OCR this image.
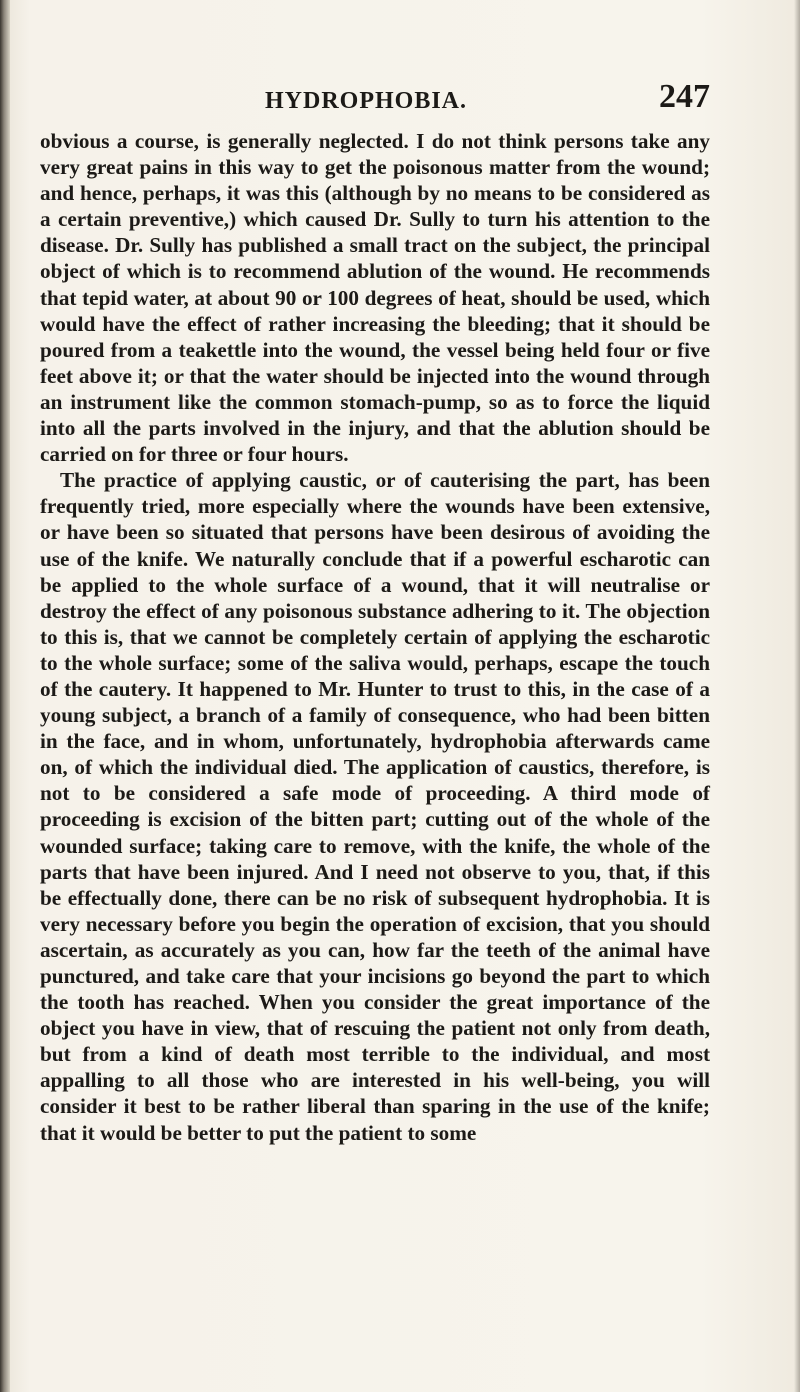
HYDROPHOBIA.	247

obvious a course, is generally neglected. I do not think persons take any very great pains in this way to get the poisonous matter from the wound; and hence, perhaps, it was this (although by no means to be considered as a certain preventive,) which caused Dr. Sully to turn his attention to the disease. Dr. Sully has published a small tract on the subject, the principal object of which is to recommend ablution of the wound. He recommends that tepid water, at about 90 or 100 degrees of heat, should be used, which would have the effect of rather increasing the bleeding; that it should be poured from a teakettle into the wound, the vessel being held four or five feet above it; or that the water should be injected into the wound through an instrument like the common stomach-pump, so as to force the liquid into all the parts involved in the injury, and that the ablution should be carried on for three or four hours.

The practice of applying caustic, or of cauterising the part, has been frequently tried, more especially where the wounds have been extensive, or have been so situated that persons have been desirous of avoiding the use of the knife. We naturally conclude that if a powerful escharotic can be applied to the whole surface of a wound, that it will neutralise or destroy the effect of any poisonous substance adhering to it. The objection to this is, that we cannot be completely certain of applying the escharotic to the whole surface; some of the saliva would, perhaps, escape the touch of the cautery. It happened to Mr. Hunter to trust to this, in the case of a young subject, a branch of a family of consequence, who had been bitten in the face, and in whom, unfortunately, hydrophobia afterwards came on, of which the individual died. The application of caustics, therefore, is not to be considered a safe mode of proceeding. A third mode of proceeding is excision of the bitten part; cutting out of the whole of the wounded surface; taking care to remove, with the knife, the whole of the parts that have been injured. And I need not observe to you, that, if this be effectually done, there can be no risk of subsequent hydrophobia. It is very necessary before you begin the operation of excision, that you should ascertain, as accurately as you can, how far the teeth of the animal have punctured, and take care that your incisions go beyond the part to which the tooth has reached. When you consider the great importance of the object you have in view, that of rescuing the patient not only from death, but from a kind of death most terrible to the individual, and most appalling to all those who are interested in his well-being, you will consider it best to be rather liberal than sparing in the use of the knife; that it would be better to put the patient to some
